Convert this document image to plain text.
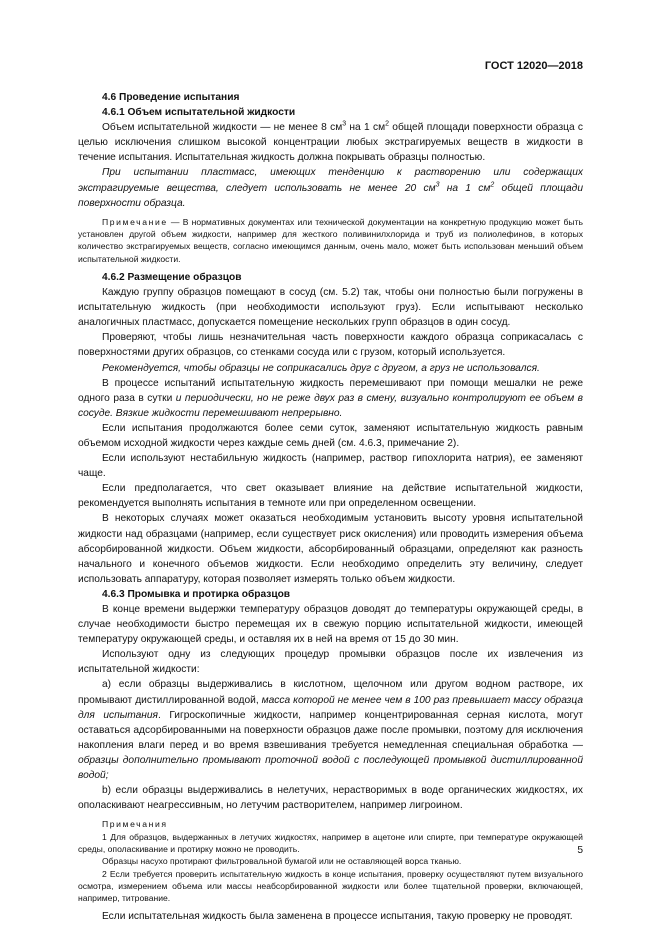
ГОСТ 12020—2018

4.6 Проведение испытания

4.6.1 Объем испытательной жидкости

Объем испытательной жидкости — не менее 8 $см^3$ на 1 $см^2$ общей площади поверхности образца с целью исключения слишком высокой концентрации любых экстрагируемых веществ в жидкости в течение испытания. Испытательная жидкость должна покрывать образцы полностью.

При испытании пластмасс, имеющих тенденцию к растворению или содержащих экстрагируемые вещества, следует использовать не менее 20 $см^3$ на 1 $см^2$ общей площади поверхности образца.

Примечание — В нормативных документах или технической документации на конкретную продукцию может быть установлен другой объем жидкости, например для жесткого поливинилхлорида и труб из полиолефинов, в которых количество экстрагируемых веществ, согласно имеющимся данным, очень мало, может быть использован меньший объем испытательной жидкости.

4.6.2 Размещение образцов

Каждую группу образцов помещают в сосуд (см. 5.2) так, чтобы они полностью были погружены в испытательную жидкость (при необходимости используют груз). Если испытывают несколько аналогичных пластмасс, допускается помещение нескольких групп образцов в один сосуд.

Проверяют, чтобы лишь незначительная часть поверхности каждого образца соприкасалась с поверхностями других образцов, со стенками сосуда или с грузом, который используется.

Рекомендуется, чтобы образцы не соприкасались друг с другом, а груз не использовался.

В процессе испытаний испытательную жидкость перемешивают при помощи мешалки не реже одного раза в сутки и периодически, но не реже двух раз в смену, визуально контролируют ее объем в сосуде. Вязкие жидкости перемешивают непрерывно.

Если испытания продолжаются более семи суток, заменяют испытательную жидкость равным объемом исходной жидкости через каждые семь дней (см. 4.6.3, примечание 2).

Если используют нестабильную жидкость (например, раствор гипохлорита натрия), ее заменяют чаще.

Если предполагается, что свет оказывает влияние на действие испытательной жидкости, рекомендуется выполнять испытания в темноте или при определенном освещении.

В некоторых случаях может оказаться необходимым установить высоту уровня испытательной жидкости над образцами (например, если существует риск окисления) или проводить измерения объема абсорбированной жидкости. Объем жидкости, абсорбированный образцами, определяют как разность начального и конечного объемов жидкости. Если необходимо определить эту величину, следует использовать аппаратуру, которая позволяет измерять только объем жидкости.

4.6.3 Промывка и протирка образцов

В конце времени выдержки температуру образцов доводят до температуры окружающей среды, в случае необходимости быстро перемещая их в свежую порцию испытательной жидкости, имеющей температуру окружающей среды, и оставляя их в ней на время от 15 до 30 мин.

Используют одну из следующих процедур промывки образцов после их извлечения из испытательной жидкости:

а) если образцы выдерживались в кислотном, щелочном или другом водном растворе, их промывают дистиллированной водой, масса которой не менее чем в 100 раз превышает массу образца для испытания. Гигроскопичные жидкости, например концентрированная серная кислота, могут оставаться адсорбированными на поверхности образцов даже после промывки, поэтому для исключения накопления влаги перед и во время взвешивания требуется немедленная специальная обработка — образцы дополнительно промывают проточной водой с последующей промывкой дистиллированной водой;

b) если образцы выдерживались в нелетучих, нерастворимых в воде органических жидкостях, их ополаскивают неагрессивным, но летучим растворителем, например лигроином.

Примечания

1 Для образцов, выдержанных в летучих жидкостях, например в ацетоне или спирте, при температуре окружающей среды, ополаскивание и протирку можно не проводить.

Образцы насухо протирают фильтровальной бумагой или не оставляющей ворса тканью.

2 Если требуется проверить испытательную жидкость в конце испытания, проверку осуществляют путем визуального осмотра, измерением объема или массы неабсорбированной жидкости или более тщательной проверки, включающей, например, титрование.

Если испытательная жидкость была заменена в процессе испытания, такую проверку не проводят.

5
